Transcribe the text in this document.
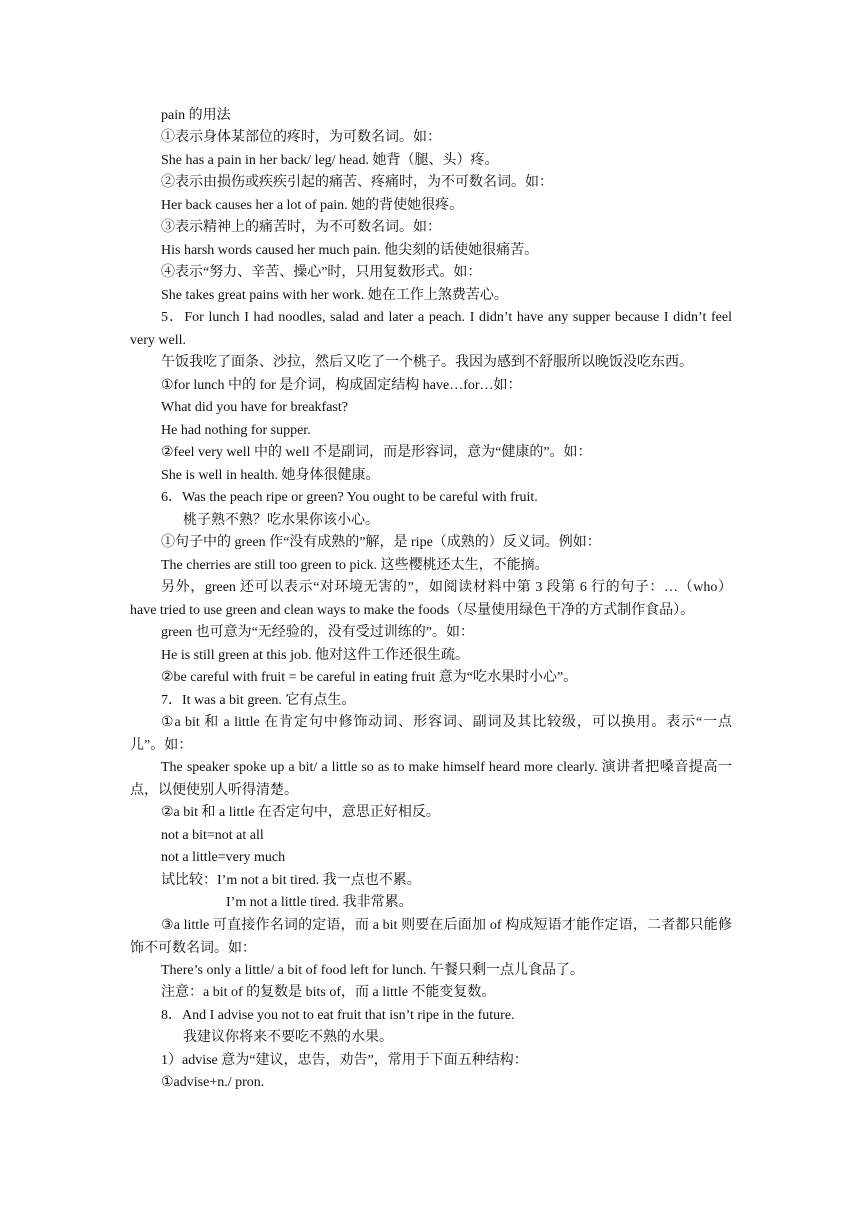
pain 的用法
①表示身体某部位的疼时，为可数名词。如：
She has a pain in her back/ leg/ head. 她背（腿、头）疼。
②表示由损伤或疾疾引起的痛苦、疼痛时，为不可数名词。如：
Her back causes her a lot of pain. 她的背使她很疼。
③表示精神上的痛苦时，为不可数名词。如：
His harsh words caused her much pain. 他尖刻的话使她很痛苦。
④表示“努力、辛苦、操心”时，只用复数形式。如：
She takes great pains with her work. 她在工作上煞费苦心。
5．For lunch I had noodles, salad and later a peach. I didn’t have any supper because I didn’t feel very well.
午饭我吃了面条、沙拉，然后又吃了一个桃子。我因为感到不舒服所以晚饭没吃东西。
①for lunch 中的 for 是介词，构成固定结构 have…for…如：
What did you have for breakfast?
He had nothing for supper.
②feel very well 中的 well 不是副词，而是形容词，意为“健康的”。如：
She is well in health. 她身体很健康。
6．Was the peach ripe or green? You ought to be careful with fruit.
桃子熟不熟？吃水果你该小心。
①句子中的 green 作“没有成熟的”解，是 ripe（成熟的）反义词。例如：
The cherries are still too green to pick. 这些樱桃还太生，不能摘。
另外，green 还可以表示“对环境无害的”，如阅读材料中第 3 段第 6 行的句子：…（who）have tried to use green and clean ways to make the foods（尽量使用绿色干净的方式制作食品）。
green 也可意为“无经验的，没有受过训练的”。如：
He is still green at this job. 他对这件工作还很生疏。
②be careful with fruit = be careful in eating fruit 意为“吃水果时小心”。
7．It was a bit green. 它有点生。
①a bit 和 a little 在肯定句中修饰动词、形容词、副词及其比较级，可以换用。表示“一点儿”。如：
The speaker spoke up a bit/ a little so as to make himself heard more clearly. 演讲者把嗓音提高一点，以便使别人听得清楚。
②a bit 和 a little 在否定句中，意思正好相反。
not a bit=not at all
not a little=very much
试比较：I’m not a bit tired. 我一点也不累。
I’m not a little tired. 我非常累。
③a little 可直接作名词的定语，而 a bit 则要在后面加 of 构成短语才能作定语，二者都只能修饰不可数名词。如：
There’s only a little/ a bit of food left for lunch. 午餐只剩一点儿食品了。
注意：a bit of 的复数是 bits of，而 a little 不能变复数。
8．And I advise you not to eat fruit that isn’t ripe in the future.
我建议你将来不要吃不熟的水果。
1）advise 意为“建议，忠告，劝告”，常用于下面五种结构：
①advise+n./ pron.
